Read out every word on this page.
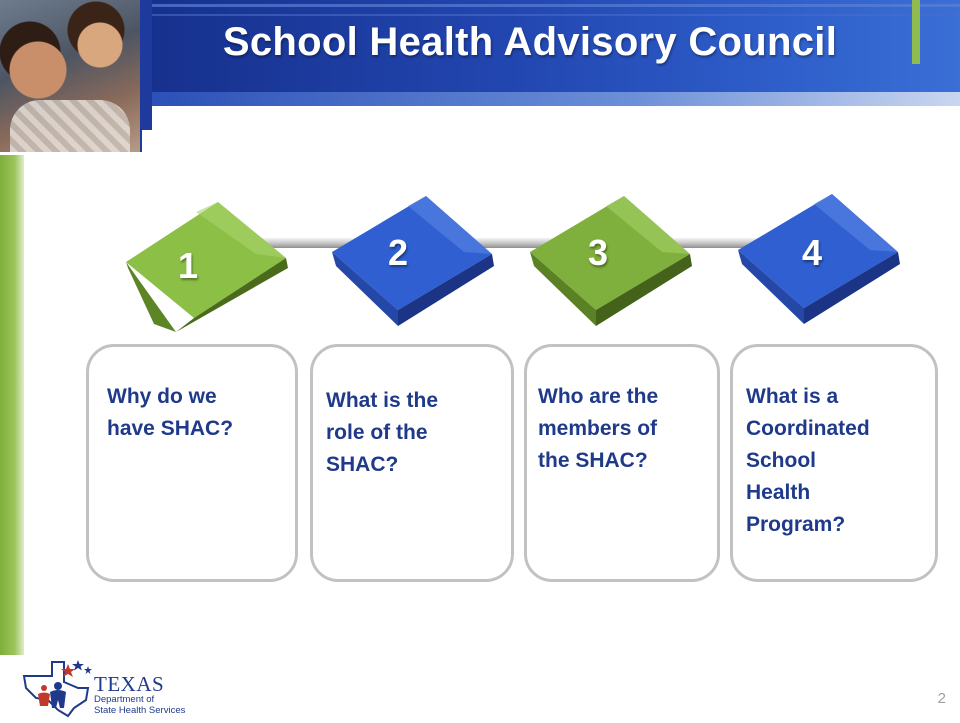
School Health Advisory Council
1	2	3	4
Why do we
have SHAC?
What is the
role of the
SHAC?
Who are the
members of
the SHAC?
What is a
Coordinated
School
Health
Program?
TEXAS
Department of
State Health Services
2
